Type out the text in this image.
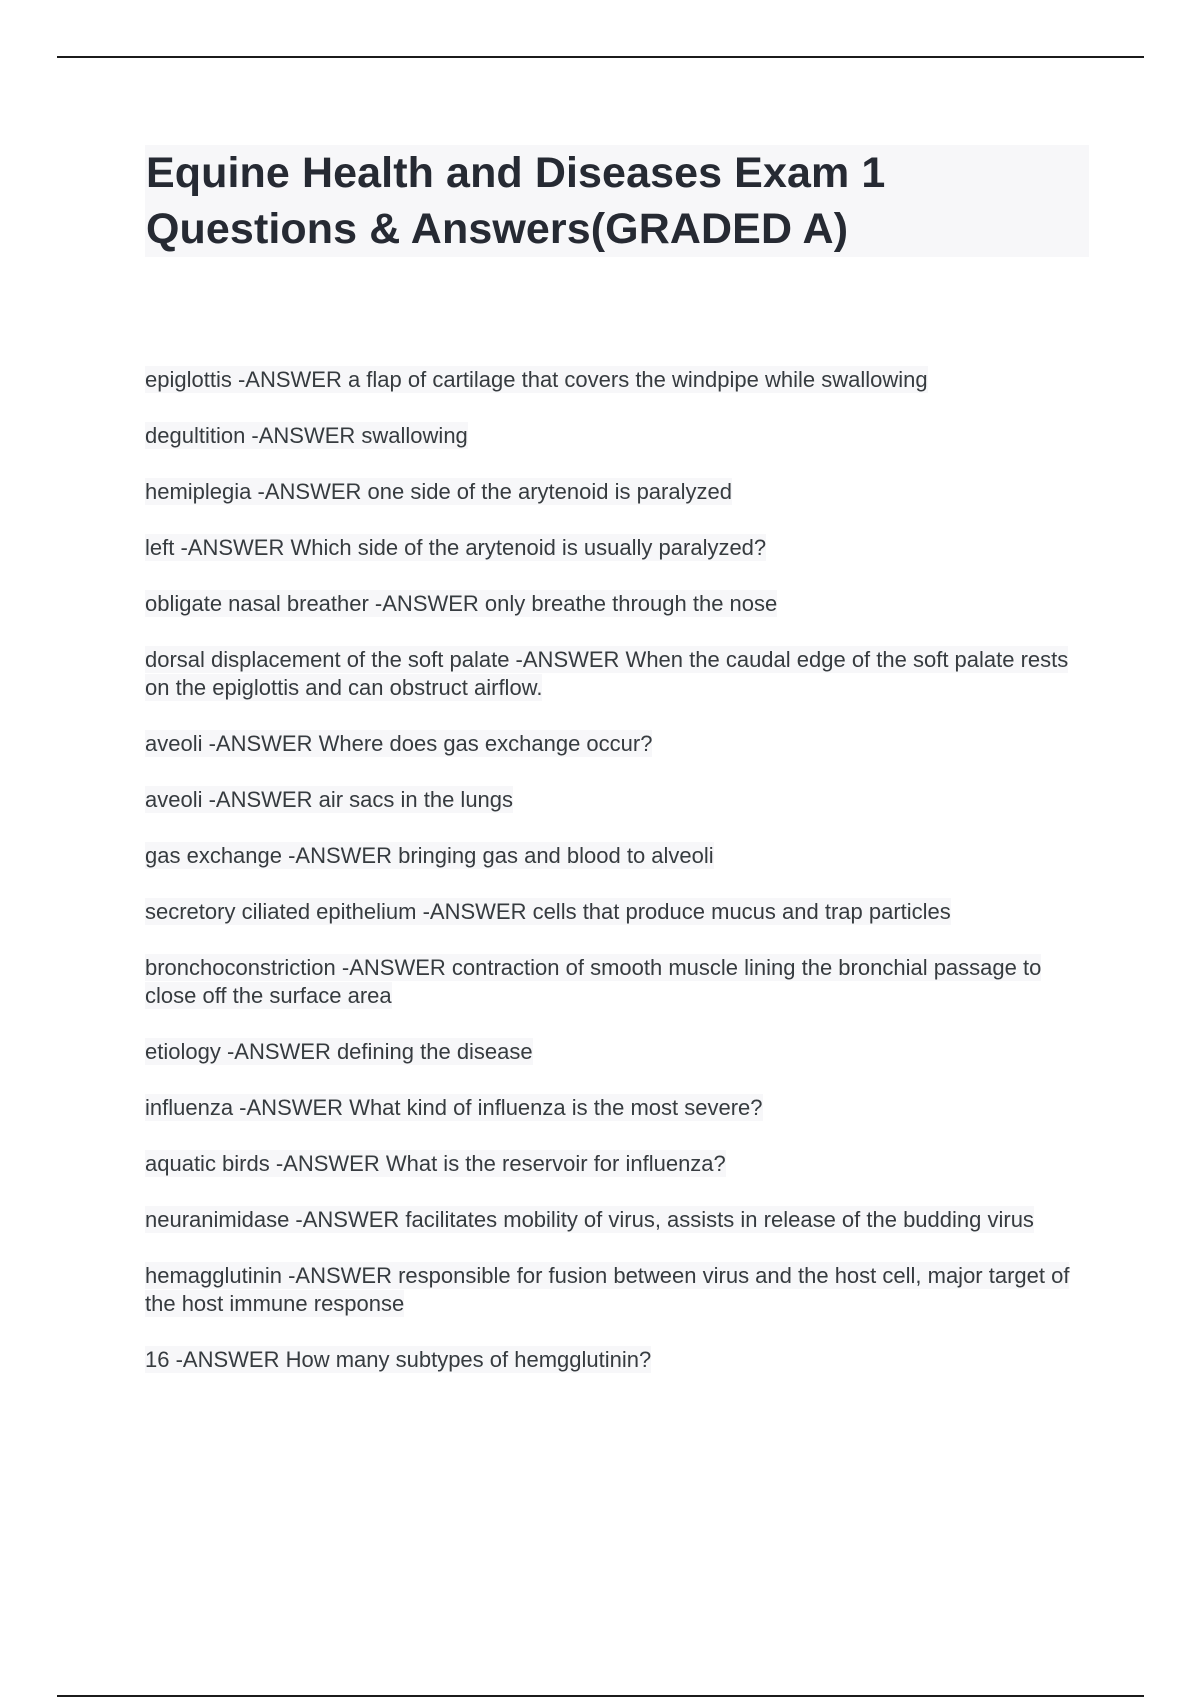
Equine Health and Diseases Exam 1 Questions & Answers(GRADED A)
epiglottis -ANSWER a flap of cartilage that covers the windpipe while swallowing
degultition -ANSWER swallowing
hemiplegia -ANSWER one side of the arytenoid is paralyzed
left -ANSWER Which side of the arytenoid is usually paralyzed?
obligate nasal breather -ANSWER only breathe through the nose
dorsal displacement of the soft palate -ANSWER When the caudal edge of the soft palate rests on the epiglottis and can obstruct airflow.
aveoli -ANSWER Where does gas exchange occur?
aveoli -ANSWER air sacs in the lungs
gas exchange -ANSWER bringing gas and blood to alveoli
secretory ciliated epithelium -ANSWER cells that produce mucus and trap particles
bronchoconstriction -ANSWER contraction of smooth muscle lining the bronchial passage to close off the surface area
etiology -ANSWER defining the disease
influenza -ANSWER What kind of influenza is the most severe?
aquatic birds -ANSWER What is the reservoir for influenza?
neuranimidase -ANSWER facilitates mobility of virus, assists in release of the budding virus
hemagglutinin -ANSWER responsible for fusion between virus and the host cell, major target of the host immune response
16 -ANSWER How many subtypes of hemgglutinin?
